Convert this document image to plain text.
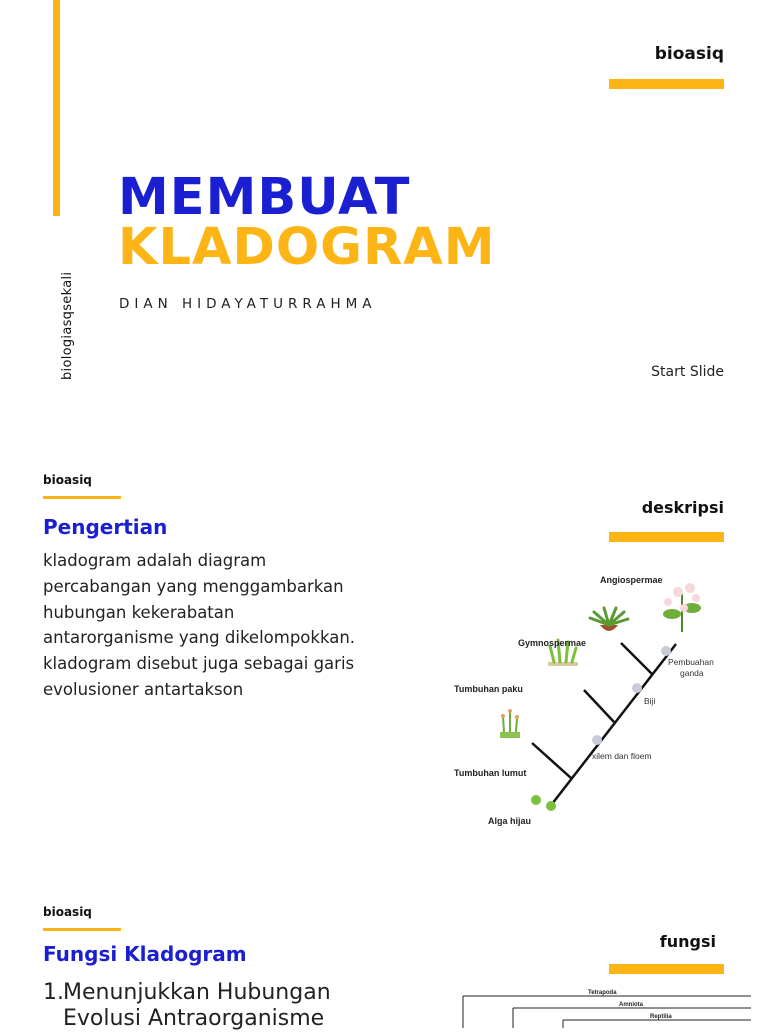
bioasiq
biologiasqsekali
MEMBUAT
KLADOGRAM
DIAN HIDAYATURRAHMA
Start Slide
bioasiq
Pengertian
kladogram adalah diagram
percabangan yang menggambarkan
hubungan kekerabatan
antarorganisme yang dikelompokkan.
kladogram disebut juga sebagai garis
evolusioner antartakson
deskripsi
Angiospermae
Gymnospermae
Tumbuhan paku
Tumbuhan lumut
Alga hijau
Pembuahan
ganda
Biji
xilem dan floem
bioasiq
Fungsi Kladogram
fungsi
1. Menunjukkan Hubungan
Evolusi Antraorganisme
Tetrapoda
Amniota
Reptilia
